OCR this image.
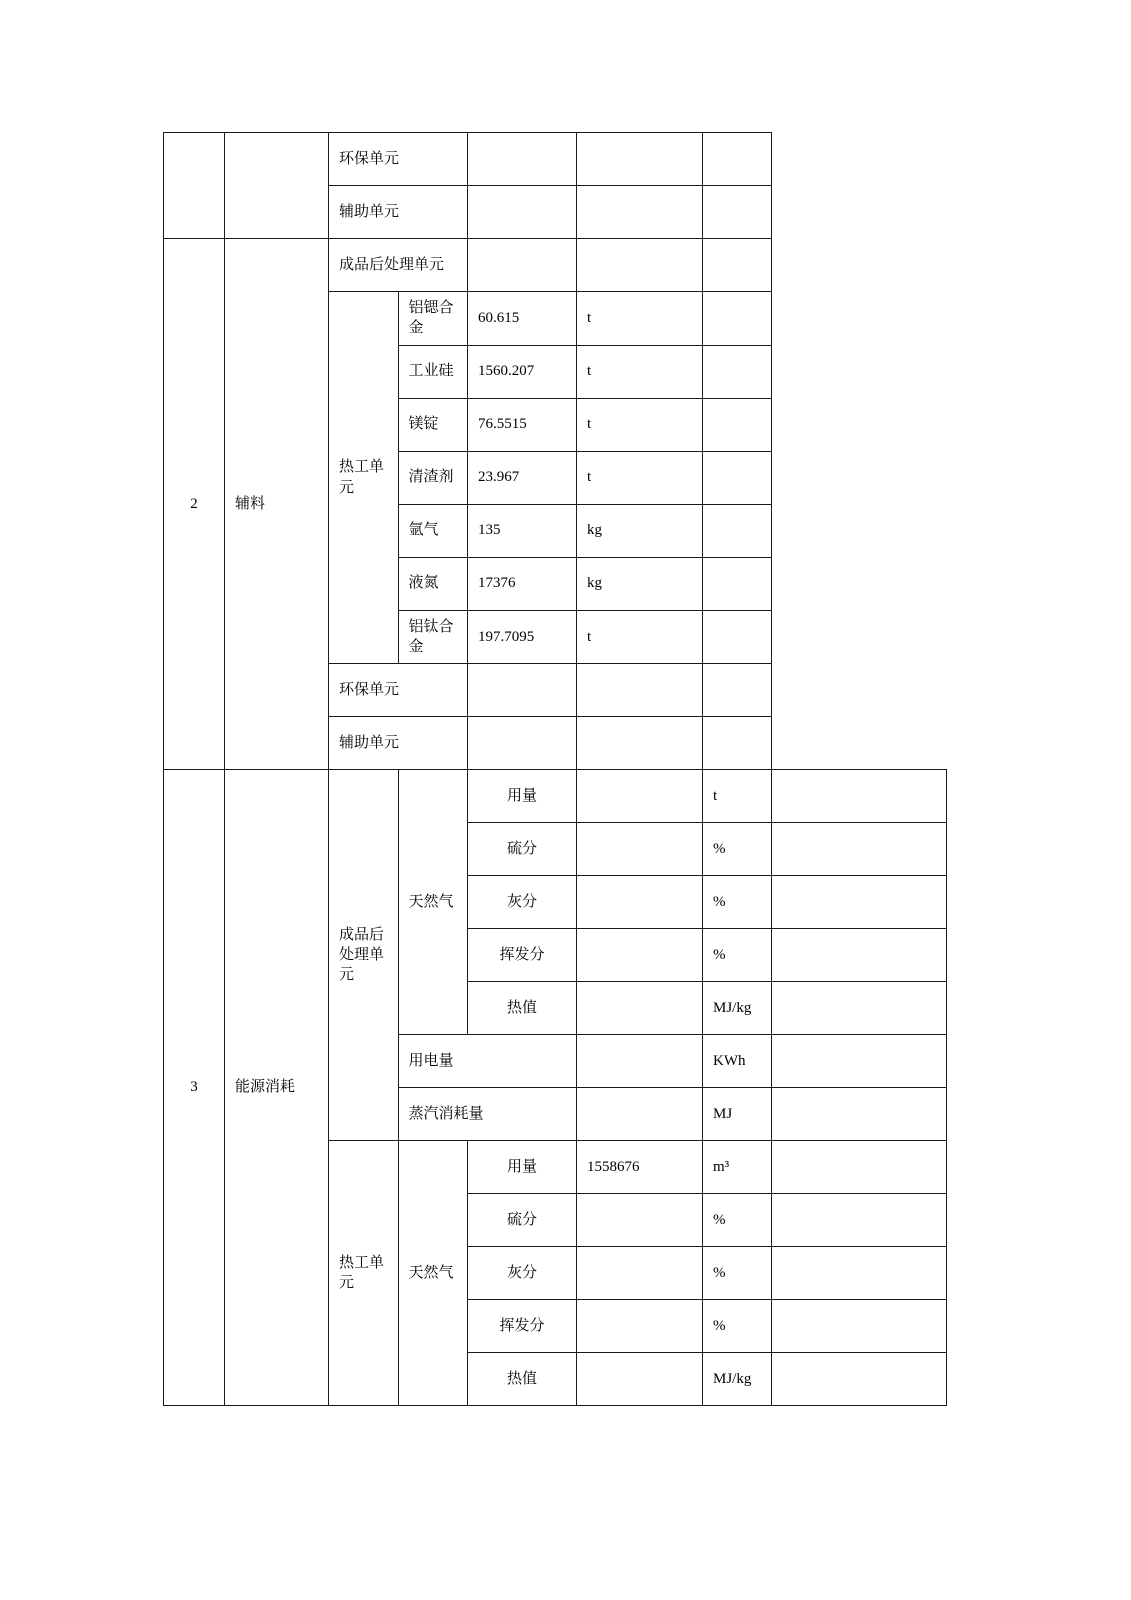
		环保单元					
		辅助单元					
2	辅料	成品后处理单元					
		热工单元	铝锶合金	60.615	t		
			工业硅	1560.207	t		
			镁锭	76.5515	t		
			清渣剂	23.967	t		
			氩气	135	kg		
			液氮	17376	kg		
			铝钛合金	197.7095	t		
		环保单元					
		辅助单元					
3	能源消耗	成品后处理单元	天然气	用量		t	
				硫分		%	
				灰分		%	
				挥发分		%	
				热值		MJ/kg	
			用电量			KWh	
			蒸汽消耗量			MJ	
		热工单元	天然气	用量	1558676	m³	
				硫分		%	
				灰分		%	
				挥发分		%	
				热值		MJ/kg	
